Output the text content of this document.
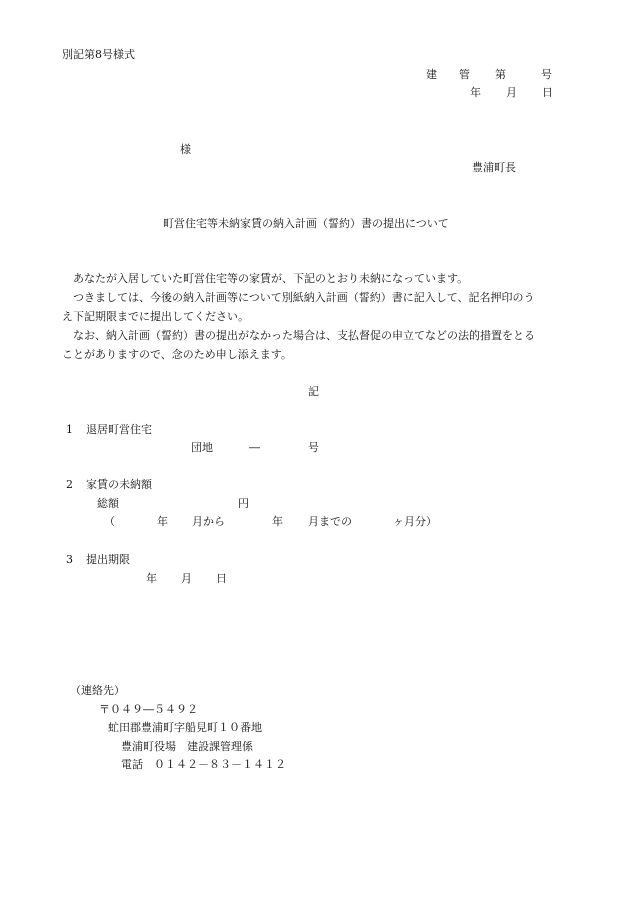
別記第8号様式
建 管 第	号
年 月 日
様
豊浦町長
町営住宅等未納家賃の納入計画（誓約）書の提出について
あなたが入居していた町営住宅等の家賃が、下記のとおり未納になっています。
つきましては、今後の納入計画等について別紙納入計画（誓約）書に記入して、記名押印のう
え下記期限までに提出してください。
なお、納入計画（誓約）書の提出がなかった場合は、支払督促の申立てなどの法的措置をとる
ことがありますので、念のため申し添えます。
記
1 退居町営住宅
団地	―	号
2 家賃の未納額
総額	円
（	年 月から	年 月までの	ヶ月分）
3 提出期限
年 月 日
（連絡先）
〒０４９―５４９２
虻田郡豊浦町字船見町１０番地
豊浦町役場　建設課管理係
電話　０１４２－８３－１４１２
